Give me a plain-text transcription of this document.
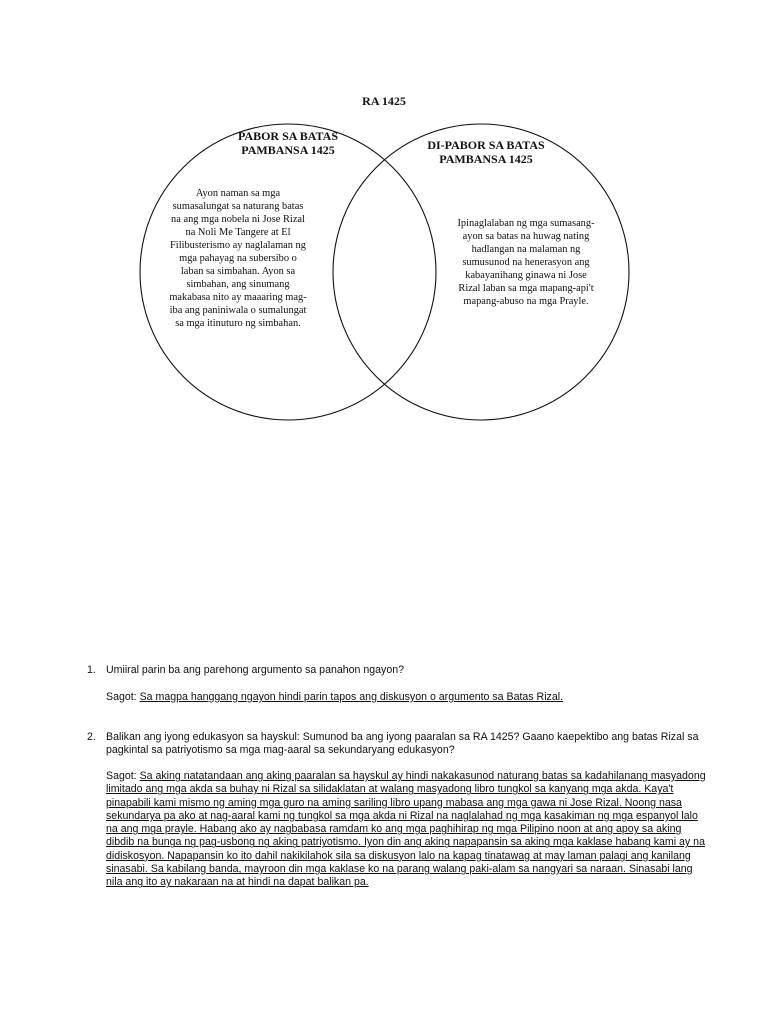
RA 1425
PABOR SA BATAS
PAMBANSA 1425
Ayon naman sa mga sumasalungat sa naturang batas na ang mga nobela ni Jose Rizal na Noli Me Tangere at El Filibusterismo ay naglalaman ng mga pahayag na subersibo o laban sa simbahan. Ayon sa simbahan, ang sinumang makabasa nito ay maaaring mag-iba ang paniniwala o sumalungat sa mga itinuturo ng simbahan.
DI-PABOR SA BATAS
PAMBANSA 1425
Ipinaglalaban ng mga sumasang-ayon sa batas na huwag nating hadlangan na malaman ng sumusunod na henerasyon ang kabayanihang ginawa ni Jose Rizal laban sa mga mapang-api't mapang-abuso na mga Prayle.
1. Umiiral parin ba ang parehong argumento sa panahon ngayon?
Sagot: Sa magpa hanggang ngayon hindi parin tapos ang diskusyon o argumento sa Batas Rizal.
2. Balikan ang iyong edukasyon sa hayskul: Sumunod ba ang iyong paaralan sa RA 1425? Gaano kaepektibo ang batas Rizal sa pagkintal sa patriyotismo sa mga mag-aaral sa sekundaryang edukasyon?
Sagot: Sa aking natatandaan ang aking paaralan sa hayskul ay hindi nakakasunod naturang batas sa kadahilanang masyadong limitado ang mga akda sa buhay ni Rizal sa silidaklatan at walang masyadong libro tungkol sa kanyang mga akda. Kaya't pinapabili kami mismo ng aming mga guro na aming sariling libro upang mabasa ang mga gawa ni Jose Rizal. Noong nasa sekundarya pa ako at nag-aaral kami ng tungkol sa mga akda ni Rizal na naglalahad ng mga kasakiman ng mga espanyol lalo na ang mga prayle. Habang ako ay nagbabasa ramdam ko ang mga paghihirap ng mga Pilipino noon at ang apoy sa aking dibdib na bunga ng pag-usbong ng aking patriyotismo. Iyon din ang aking napapansin sa aking mga kaklase habang kami ay na didiskosyon. Napapansin ko ito dahil nakikilahok sila sa diskusyon lalo na kapag tinatawag at may laman palagi ang kanilang sinasabi. Sa kabilang banda, mayroon din mga kaklase ko na parang walang paki-alam sa nangyari sa naraan. Sinasabi lang nila ang ito ay nakaraan na at hindi na dapat balikan pa.
